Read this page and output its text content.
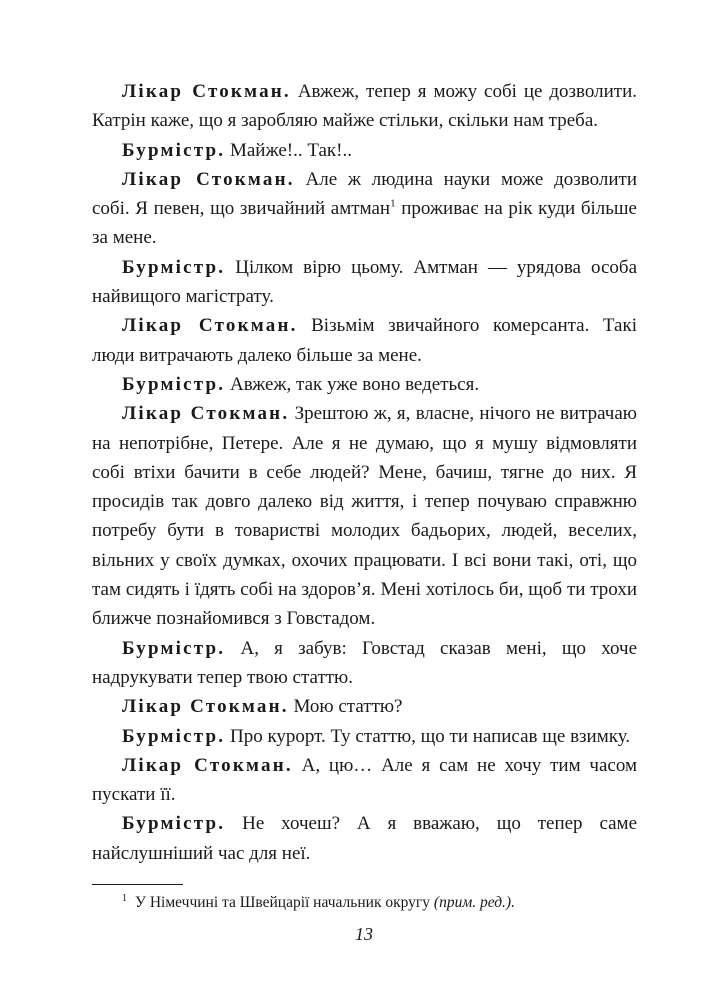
Лікар Стокман. Авжеж, тепер я можу собі це дозволити. Катрін каже, що я заробляю майже стільки, скільки нам треба.

Бурмістр. Майже!.. Так!..

Лікар Стокман. Але ж людина науки може дозволити собі. Я певен, що звичайний амтман$^1$ проживає на рік куди більше за мене.

Бурмістр. Цілком вірю цьому. Амтман — урядова особа найвищого магістрату.

Лікар Стокман. Візьмім звичайного комерсанта. Такі люди витрачають далеко більше за мене.

Бурмістр. Авжеж, так уже воно ведеться.

Лікар Стокман. Зрештою ж, я, власне, нічого не витрачаю на непотрібне, Петере. Але я не думаю, що я мушу відмовляти собі втіхи бачити в себе людей? Мене, бачиш, тягне до них. Я просидів так довго далеко від життя, і тепер почуваю справжню потребу бути в товаристві молодих бадьорих, людей, веселих, вільних у своїх думках, охочих працювати. І всі вони такі, оті, що там сидять і їдять собі на здоров’я. Мені хотілось би, щоб ти трохи ближче познайомився з Говстадом.

Бурмістр. А, я забув: Говстад сказав мені, що хоче надрукувати тепер твою статтю.

Лікар Стокман. Мою статтю?

Бурмістр. Про курорт. Ту статтю, що ти написав ще взимку.

Лікар Стокман. А, цю… Але я сам не хочу тим часом пускати її.

Бурмістр. Не хочеш? А я вважаю, що тепер саме найслушніший час для неї.

$^1$ У Німеччині та Швейцарії начальник округу (прим. ред.).
13
